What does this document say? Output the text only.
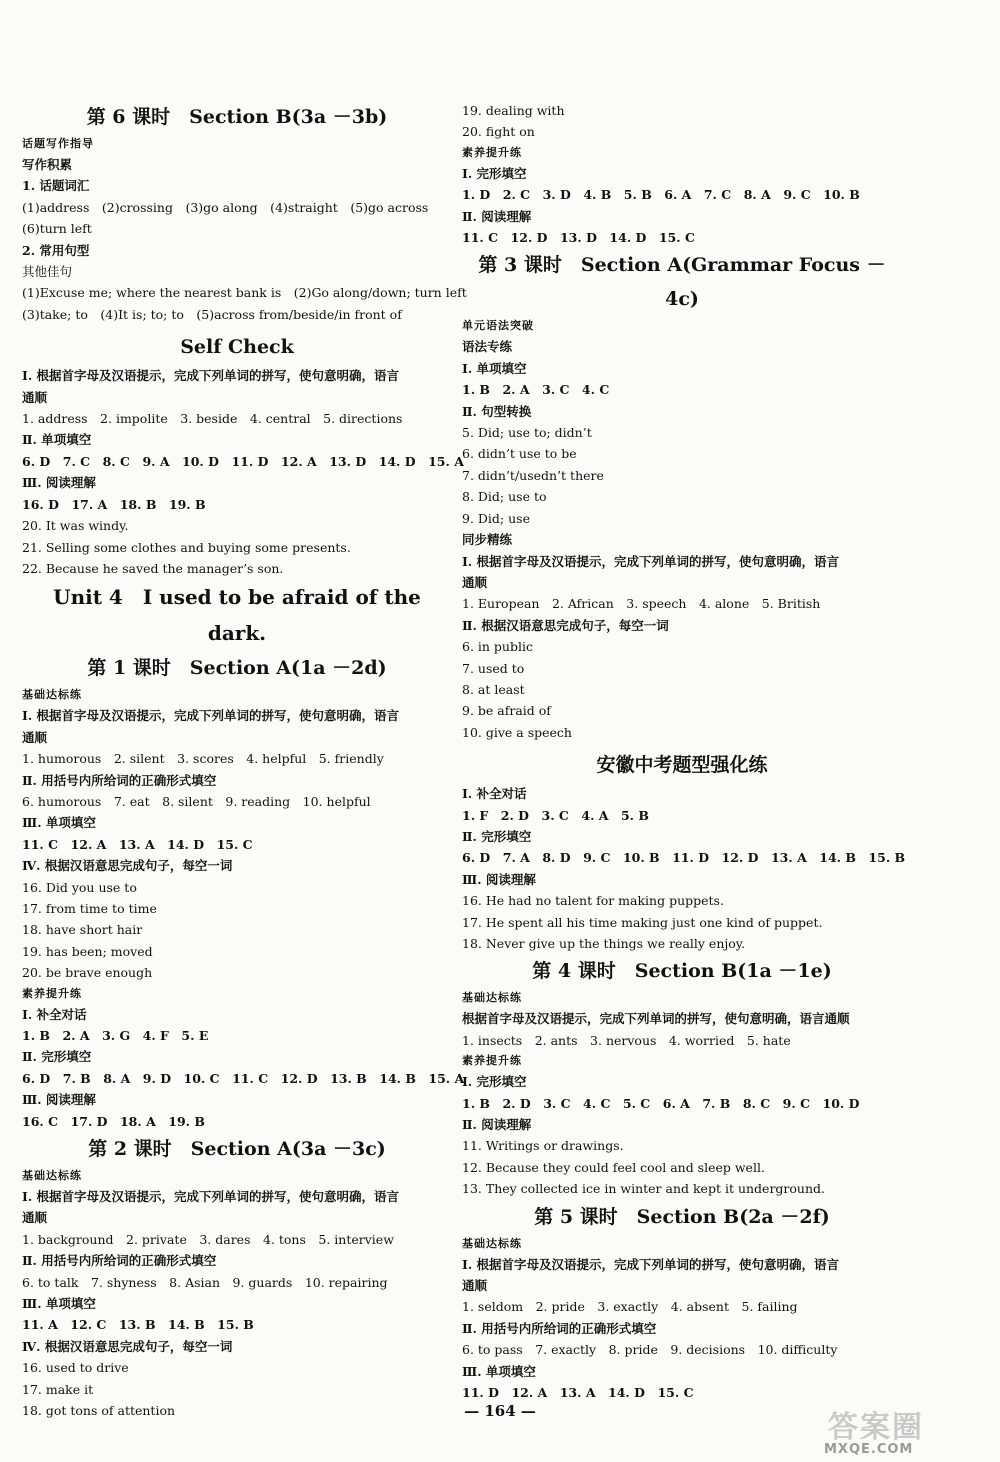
第 6 课时　Section B(3a －3b)

话题写作指导

写作积累

1. 话题词汇

(1)address　(2)crossing　(3)go along　(4)straight　(5)go across

(6)turn left

2. 常用句型

其他佳句

(1)Excuse me; where the nearest bank is　(2)Go along/down; turn left

(3)take; to　(4)It is; to; to　(5)across from/beside/in front of

Self Check

Ⅰ. 根据首字母及汉语提示，完成下列单词的拼写，使句意明确，语言

通顺

1. address　2. impolite　3. beside　4. central　5. directions

Ⅱ. 单项填空

6. D　7. C　8. C　9. A　10. D　11. D　12. A　13. D　14. D　15. A

Ⅲ. 阅读理解

16. D　17. A　18. B　19. B

20. It was windy.

21. Selling some clothes and buying some presents.

22. Because he saved the manager’s son.

Unit 4　I used to be afraid of the dark.

第 1 课时　Section A(1a －2d)

基础达标练

Ⅰ. 根据首字母及汉语提示，完成下列单词的拼写，使句意明确，语言

通顺

1. humorous　2. silent　3. scores　4. helpful　5. friendly

Ⅱ. 用括号内所给词的正确形式填空

6. humorous　7. eat　8. silent　9. reading　10. helpful

Ⅲ. 单项填空

11. C　12. A　13. A　14. D　15. C

Ⅳ. 根据汉语意思完成句子，每空一词

16. Did you use to

17. from time to time

18. have short hair

19. has been; moved

20. be brave enough

素养提升练

Ⅰ. 补全对话

1. B　2. A　3. G　4. F　5. E

Ⅱ. 完形填空

6. D　7. B　8. A　9. D　10. C　11. C　12. D　13. B　14. B　15. A

Ⅲ. 阅读理解

16. C　17. D　18. A　19. B

第 2 课时　Section A(3a －3c)

基础达标练

Ⅰ. 根据首字母及汉语提示，完成下列单词的拼写，使句意明确，语言

通顺

1. background　2. private　3. dares　4. tons　5. interview

Ⅱ. 用括号内所给词的正确形式填空

6. to talk　7. shyness　8. Asian　9. guards　10. repairing

Ⅲ. 单项填空

11. A　12. C　13. B　14. B　15. B

Ⅳ. 根据汉语意思完成句子，每空一词

16. used to drive

17. make it

18. got tons of attention

19. dealing with

20. fight on

素养提升练

Ⅰ. 完形填空

1. D　2. C　3. D　4. B　5. B　6. A　7. C　8. A　9. C　10. B

Ⅱ. 阅读理解

11. C　12. D　13. D　14. D　15. C

第 3 课时　Section A(Grammar Focus －4c)

单元语法突破

语法专练

Ⅰ. 单项填空

1. B　2. A　3. C　4. C

Ⅱ. 句型转换

5. Did; use to; didn’t

6. didn’t use to be

7. didn’t/usedn’t there

8. Did; use to

9. Did; use

同步精练

Ⅰ. 根据首字母及汉语提示，完成下列单词的拼写，使句意明确，语言

通顺

1. European　2. African　3. speech　4. alone　5. British

Ⅱ. 根据汉语意思完成句子，每空一词

6. in public

7. used to

8. at least

9. be afraid of

10. give a speech

安徽中考题型强化练

Ⅰ. 补全对话

1. F　2. D　3. C　4. A　5. B

Ⅱ. 完形填空

6. D　7. A　8. D　9. C　10. B　11. D　12. D　13. A　14. B　15. B

Ⅲ. 阅读理解

16. He had no talent for making puppets.

17. He spent all his time making just one kind of puppet.

18. Never give up the things we really enjoy.

第 4 课时　Section B(1a －1e)

基础达标练

根据首字母及汉语提示，完成下列单词的拼写，使句意明确，语言通顺

1. insects　2. ants　3. nervous　4. worried　5. hate

素养提升练

Ⅰ. 完形填空

1. B　2. D　3. C　4. C　5. C　6. A　7. B　8. C　9. C　10. D

Ⅱ. 阅读理解

11. Writings or drawings.

12. Because they could feel cool and sleep well.

13. They collected ice in winter and kept it underground.

第 5 课时　Section B(2a －2f)

基础达标练

Ⅰ. 根据首字母及汉语提示，完成下列单词的拼写，使句意明确，语言

通顺

1. seldom　2. pride　3. exactly　4. absent　5. failing

Ⅱ. 用括号内所给词的正确形式填空

6. to pass　7. exactly　8. pride　9. decisions　10. difficulty

Ⅲ. 单项填空

11. D　12. A　13. A　14. D　15. C

— 164 —	答案圈
MXQE.COM
